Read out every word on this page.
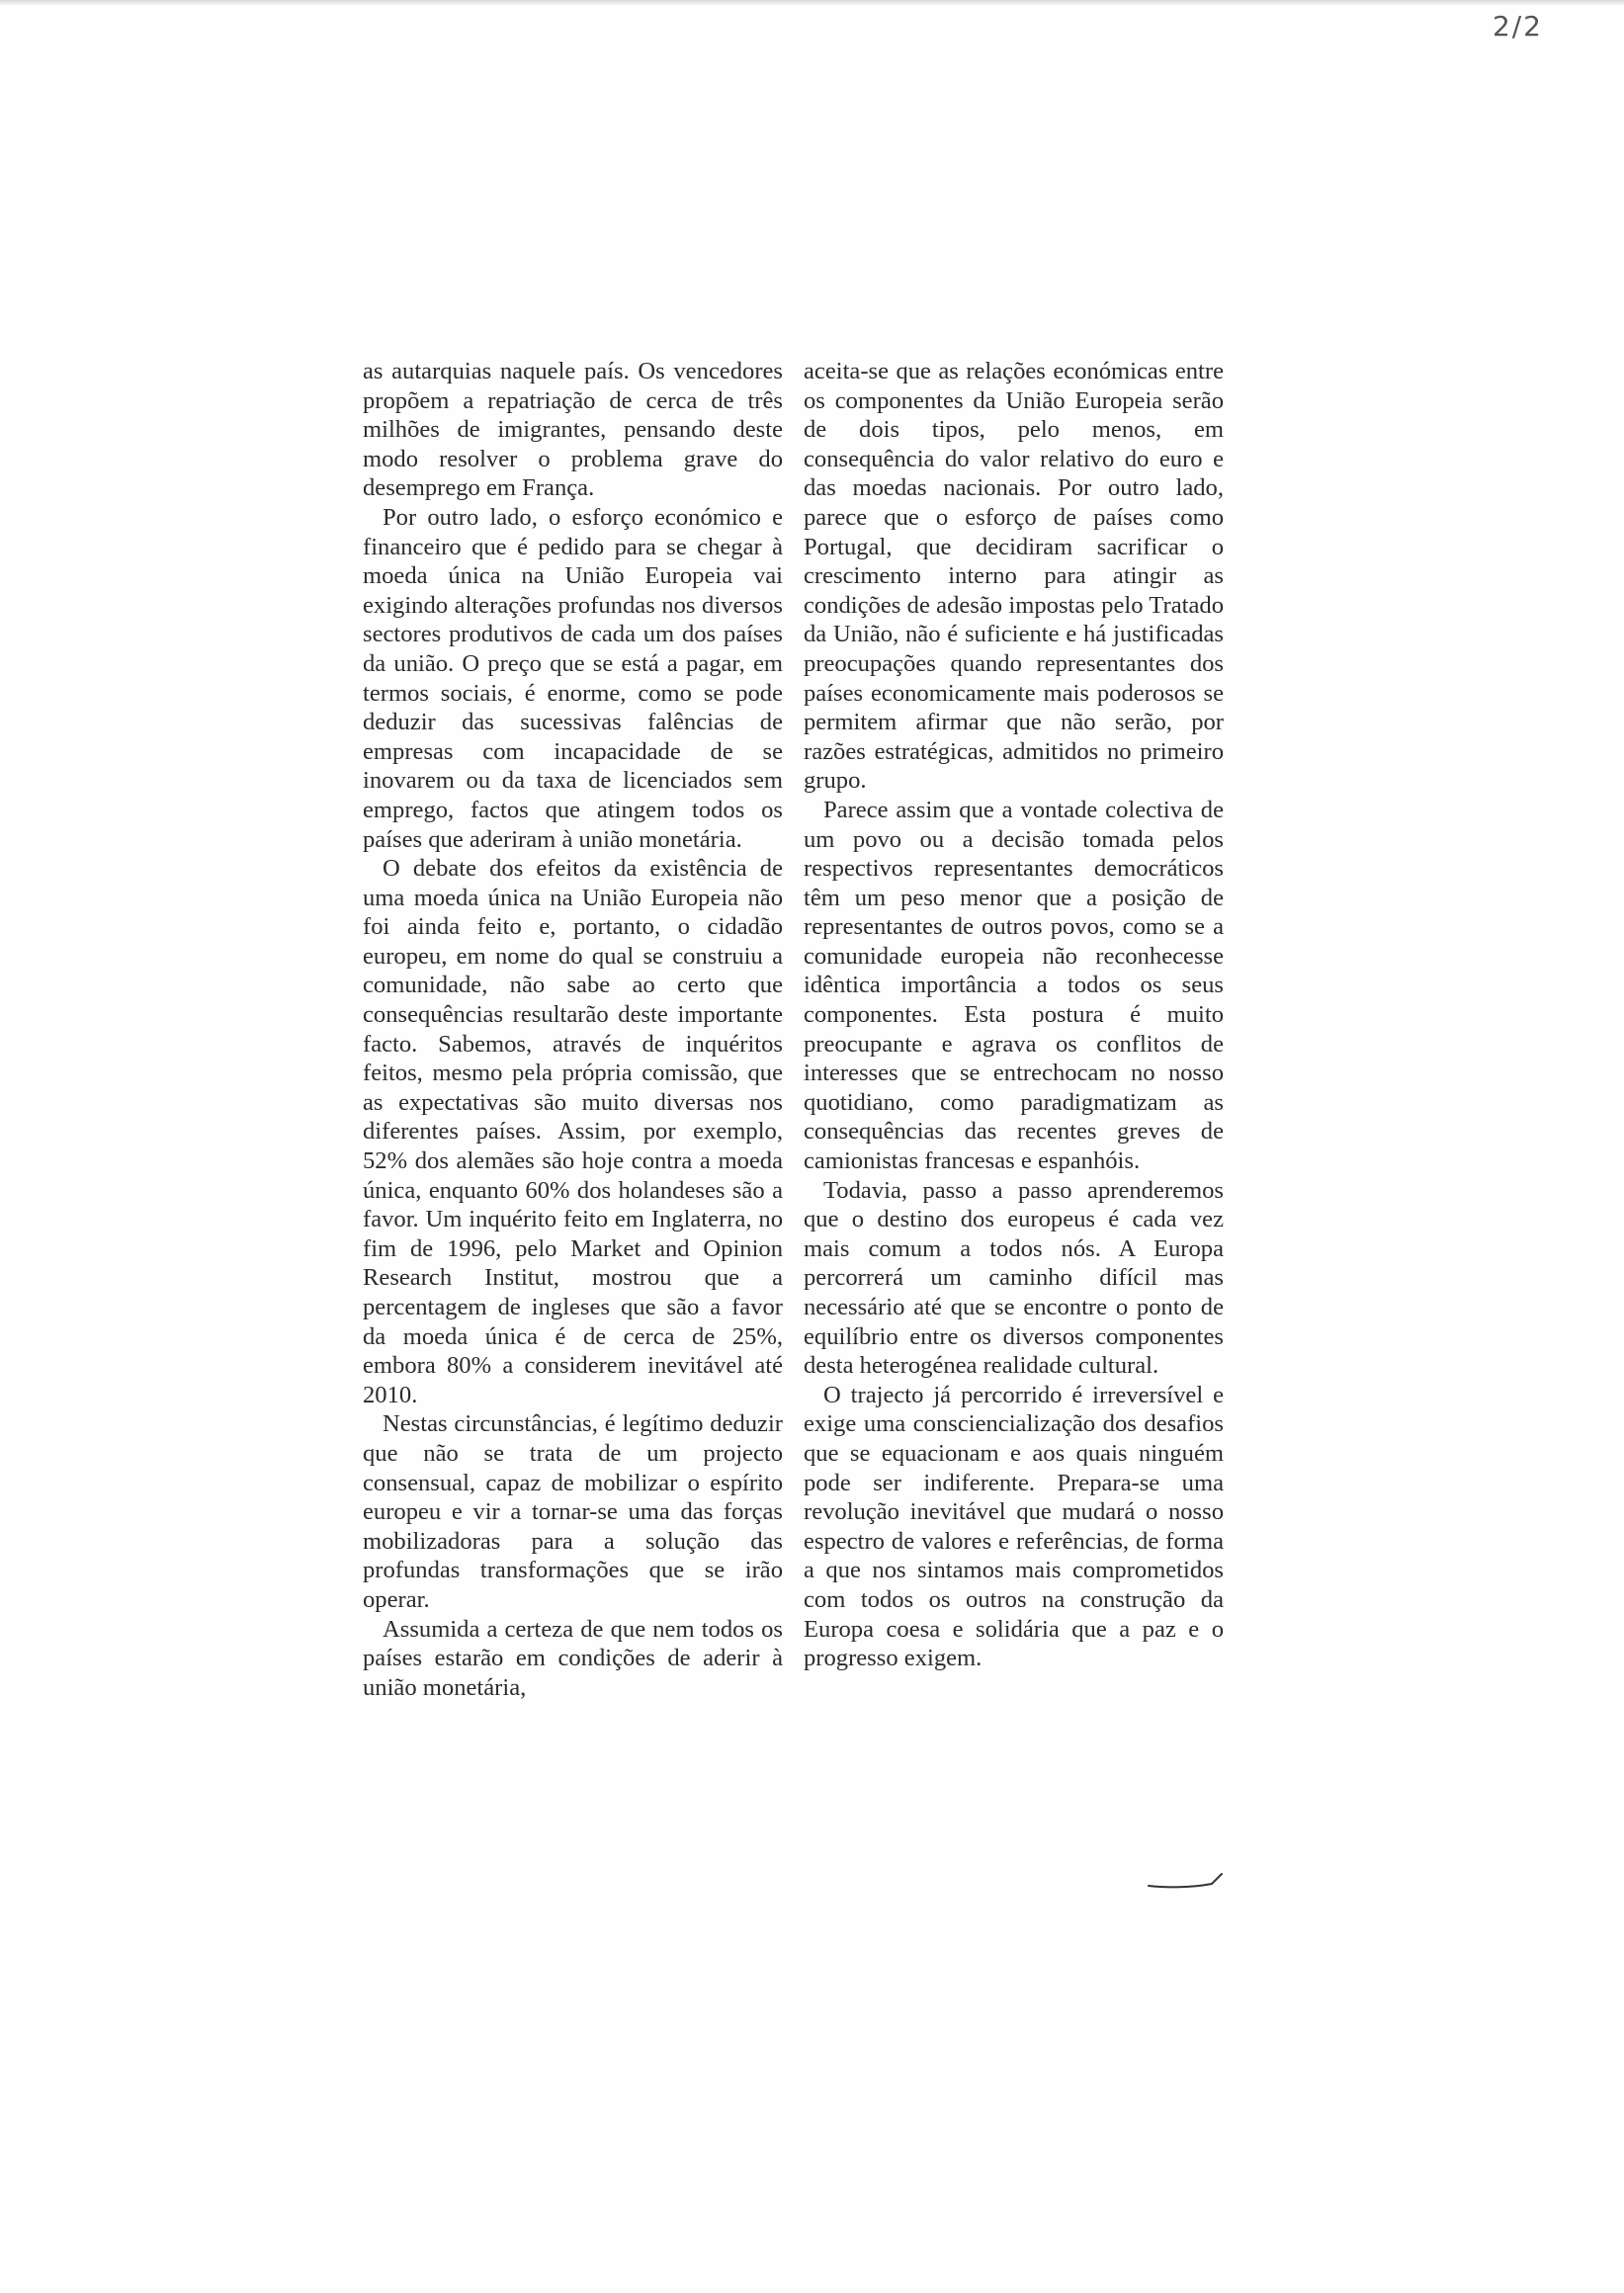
2/2

as autarquias naquele país. Os vencedores propõem a repatriação de cerca de três milhões de imigrantes, pensando deste modo resolver o problema grave do desemprego em França.

Por outro lado, o esforço económico e financeiro que é pedido para se chegar à moeda única na União Europeia vai exigindo alterações profundas nos diversos sectores produtivos de cada um dos países da união. O preço que se está a pagar, em termos sociais, é enorme, como se pode deduzir das sucessivas falências de empresas com incapacidade de se inovarem ou da taxa de licenciados sem emprego, factos que atingem todos os países que aderiram à união monetária.

O debate dos efeitos da existência de uma moeda única na União Europeia não foi ainda feito e, portanto, o cidadão europeu, em nome do qual se construiu a comunidade, não sabe ao certo que consequências resultarão deste importante facto. Sabemos, através de inquéritos feitos, mesmo pela própria comissão, que as expectativas são muito diversas nos diferentes países. Assim, por exemplo, 52% dos alemães são hoje contra a moeda única, enquanto 60% dos holandeses são a favor. Um inquérito feito em Inglaterra, no fim de 1996, pelo Market and Opinion Research Institut, mostrou que a percentagem de ingleses que são a favor da moeda única é de cerca de 25%, embora 80% a considerem inevitável até 2010.

Nestas circunstâncias, é legítimo deduzir que não se trata de um projecto consensual, capaz de mobilizar o espírito europeu e vir a tornar-se uma das forças mobilizadoras para a solução das profundas transformações que se irão operar.

Assumida a certeza de que nem todos os países estarão em condições de aderir à união monetária,

aceita-se que as relações económicas entre os componentes da União Europeia serão de dois tipos, pelo menos, em consequência do valor relativo do euro e das moedas nacionais. Por outro lado, parece que o esforço de países como Portugal, que decidiram sacrificar o crescimento interno para atingir as condições de adesão impostas pelo Tratado da União, não é suficiente e há justificadas preocupações quando representantes dos países economicamente mais poderosos se permitem afirmar que não serão, por razões estratégicas, admitidos no primeiro grupo.

Parece assim que a vontade colectiva de um povo ou a decisão tomada pelos respectivos representantes democráticos têm um peso menor que a posição de representantes de outros povos, como se a comunidade europeia não reconhecesse idêntica importância a todos os seus componentes. Esta postura é muito preocupante e agrava os conflitos de interesses que se entrechocam no nosso quotidiano, como paradigmatizam as consequências das recentes greves de camionistas francesas e espanhóis.

Todavia, passo a passo aprenderemos que o destino dos europeus é cada vez mais comum a todos nós. A Europa percorrerá um caminho difícil mas necessário até que se encontre o ponto de equilíbrio entre os diversos componentes desta heterogénea realidade cultural.

O trajecto já percorrido é irreversível e exige uma consciencialização dos desafios que se equacionam e aos quais ninguém pode ser indiferente. Prepara-se uma revolução inevitável que mudará o nosso espectro de valores e referências, de forma a que nos sintamos mais comprometidos com todos os outros na construção da Europa coesa e solidária que a paz e o progresso exigem.
